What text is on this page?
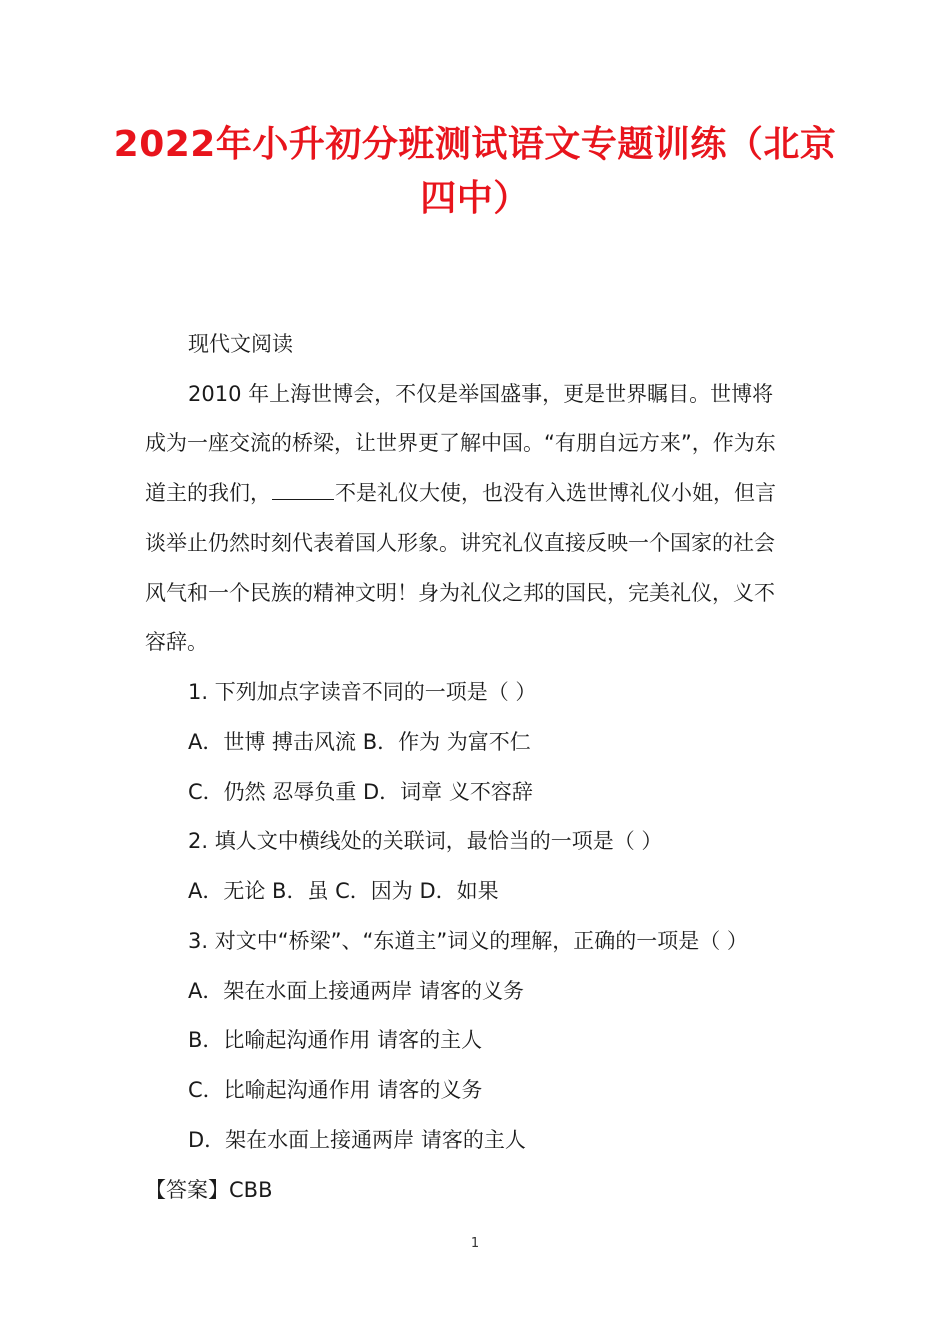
2022年小升初分班测试语文专题训练（北京
四中）
现代文阅读
2010 年上海世博会，不仅是举国盛事，更是世界瞩目。世博将
成为一座交流的桥梁，让世界更了解中国。“有朋自远方来”，作为东
道主的我们，	不是礼仪大使，也没有入选世博礼仪小姐，但言
谈举止仍然时刻代表着国人形象。讲究礼仪直接反映一个国家的社会
风气和一个民族的精神文明！身为礼仪之邦的国民，完美礼仪，义不
容辞。
1. 下列加点字读音不同的一项是（ ）
A．世博 搏击风流 B．作为 为富不仁
C．仍然 忍辱负重 D．词章 义不容辞
2. 填人文中横线处的关联词，最恰当的一项是（ ）
A．无论 B．虽 C．因为 D．如果
3. 对文中“桥梁”、“东道主”词义的理解，正确的一项是（ ）
A．架在水面上接通两岸 请客的义务
B．比喻起沟通作用 请客的主人
C．比喻起沟通作用 请客的义务
D．架在水面上接通两岸 请客的主人
【答案】CBB
1
